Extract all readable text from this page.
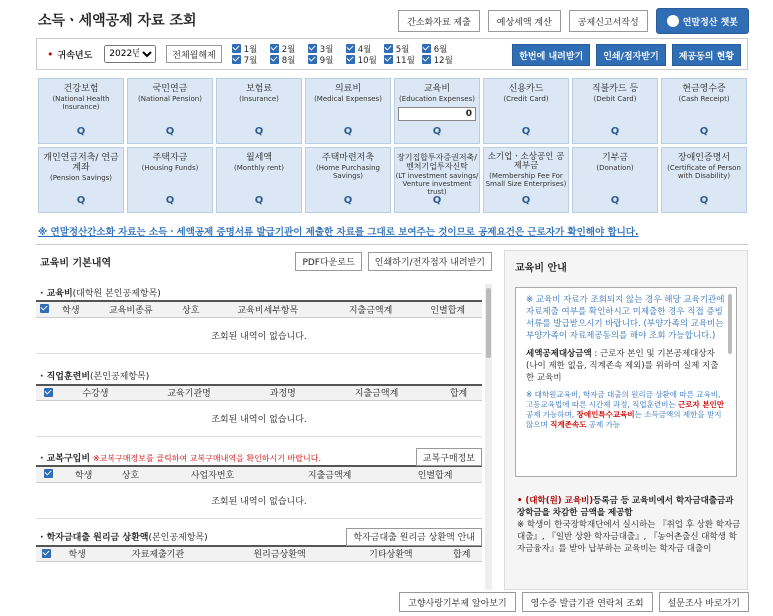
소득ㆍ세액공제 자료 조회	간소화자료 제출	예상세액 계산	공제신고서작성	연말정산 챗봇
• 귀속년도
2022년	전체월해제
1월	2월	3월	4월	5월	6월
7월	8월	9월	10월 11월 12월	한번에 내려받기	인쇄/점자받기	제공동의 현황
건강보험
(National Health Insurance)
Q
국민연금
(National Pension)
Q
보험료
(Insurance)
Q
의료비
(Medical Expenses)
Q
교육비
(Education Expenses)
0
Q
신용카드
(Credit Card)
Q
직불카드 등
(Debit Card)
Q
현금영수증
(Cash Receipt)
Q
개인연금저축/ 연금계좌
(Pension Savings)
Q
주택자금
(Housing Funds)
Q
월세액
(Monthly rent)
Q
주택마련저축
(Home Purchasing Savings)
Q
장기집합투자증권저축/ 벤처기업투자신탁
(LT investment savings/ Venture investment trust)
Q
소기업ㆍ소상공인 공제부금
(Membership Fee For Small Size Enterprises)
Q
기부금
(Donation)
Q
장애인증명서
(Certificate of Person with Disability)
Q
※ 연말정산간소화 자료는 소득ㆍ세액공제 증명서류 발급기관이 제출한 자료를 그대로 보여주는 것이므로 공제요건은 근로자가 확인해야 합니다.
교육비 기본내역	PDF다운로드	인쇄하기/전자점자 내려받기
· 교육비(대학원 본인공제항목)
	학생	교육비종류	상호	교육비세부항목	지출금액계	인별합계
조회된 내역이 없습니다.
· 직업훈련비(본인공제항목)
	수강생	교육기관명	과정명	지출금액계	합계
조회된 내역이 없습니다.
· 교복구입비 ※교복구매정보를 클릭하여 교복구매내역을 확인하시기 바랍니다.	교복구매정보
	학생	상호	사업자번호	지출금액계	인별합계
조회된 내역이 없습니다.
· 학자금대출 원리금 상환액(본인공제항목)	학자금대출 원리금 상환액 안내
	학생	자료제출기관	원리금상환액	기타상환액	합계
교육비 안내

※ 교육비 자료가 조회되지 않는 경우 해당 교육기관에 자료제출 여부를 확인하시고 미제출한 경우 직접 증빙서류를 발급받으시기 바랍니다. (부양가족의 교육비는 부양가족이 자료제공동의를 해야 조회 가능합니다.)

세액공제대상금액 : 근로자 본인 및 기본공제대상자(나이 제한 없음, 직계존속 제외)를 위하여 실제 지출한 교육비

※ 대학원교육비, 학자금 대출의 원리금 상환에 따른 교육비, 고등교육법에 따른 시간제 과정, 직업훈련비는 근로자 본인만 공제 가능하며, 장애인특수교육비는 소득금액의 제한을 받지 않으며 직계존속도 공제 가능

• (대학(원) 교육비)등록금 등 교육비에서 학자금대출금과 장학금을 차감한 금액을 제공함
※ 학생이 한국장학재단에서 실시하는 『취업 후 상환 학자금대출』, 『일반 상환 학자금대출』, 『농어촌출신 대학생 학자금융자』를 받아 납부하는 교육비는 학자금 대출이
고향사랑기부제 알아보기	영수증 발급기관 연락처 조회	설문조사 바로가기
